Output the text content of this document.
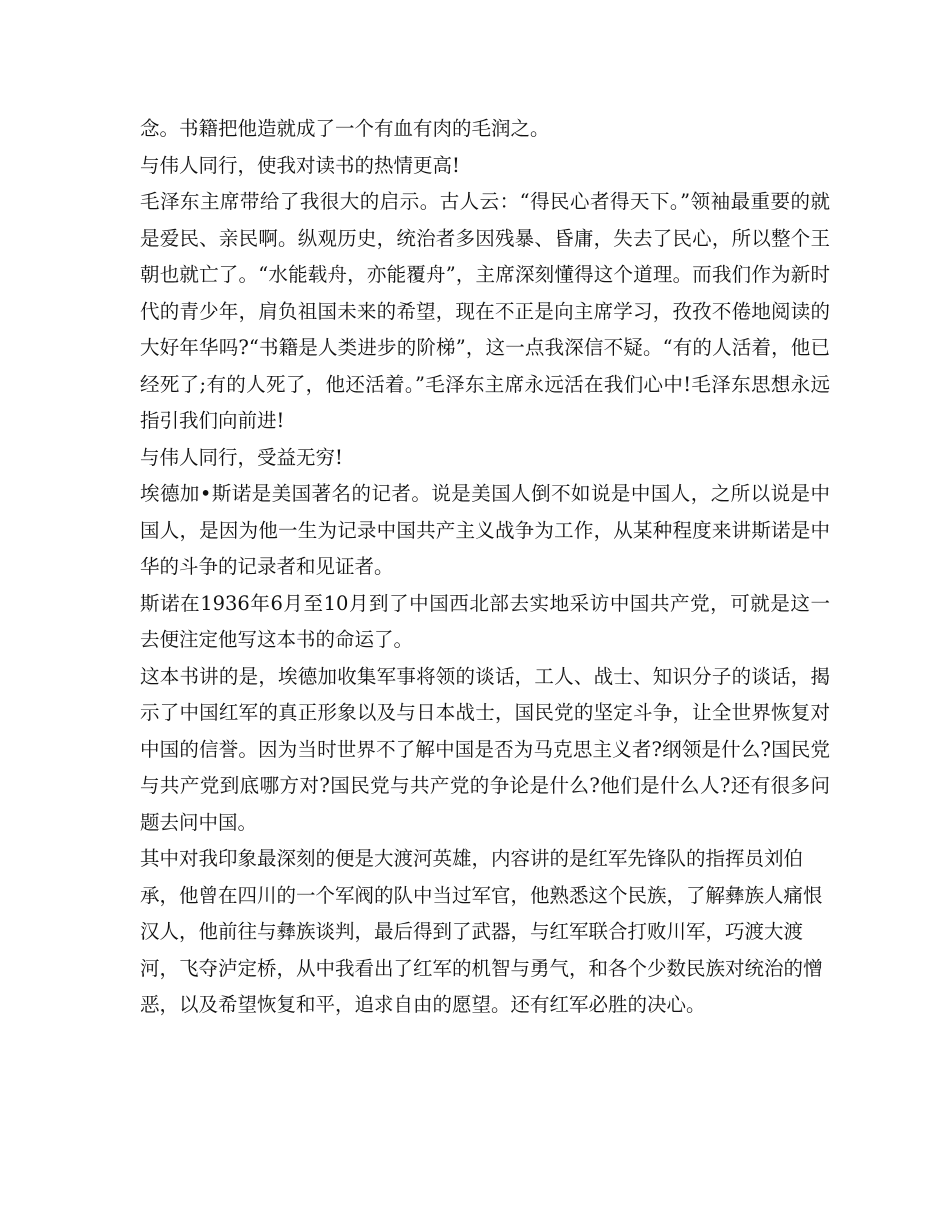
念。书籍把他造就成了一个有血有肉的毛润之。

与伟人同行，使我对读书的热情更高!

毛泽东主席带给了我很大的启示。古人云：“得民心者得天下。”领袖最重要的就是爱民、亲民啊。纵观历史，统治者多因残暴、昏庸，失去了民心，所以整个王朝也就亡了。“水能载舟，亦能覆舟”，主席深刻懂得这个道理。而我们作为新时代的青少年，肩负祖国未来的希望，现在不正是向主席学习，孜孜不倦地阅读的大好年华吗?“书籍是人类进步的阶梯”，这一点我深信不疑。“有的人活着，他已经死了;有的人死了，他还活着。”毛泽东主席永远活在我们心中!毛泽东思想永远指引我们向前进!

与伟人同行，受益无穷!

埃德加•斯诺是美国著名的记者。说是美国人倒不如说是中国人，之所以说是中国人，是因为他一生为记录中国共产主义战争为工作，从某种程度来讲斯诺是中华的斗争的记录者和见证者。

斯诺在1936年6月至10月到了中国西北部去实地采访中国共产党，可就是这一去便注定他写这本书的命运了。

这本书讲的是，埃德加收集军事将领的谈话，工人、战士、知识分子的谈话，揭示了中国红军的真正形象以及与日本战士，国民党的坚定斗争，让全世界恢复对中国的信誉。因为当时世界不了解中国是否为马克思主义者?纲领是什么?国民党与共产党到底哪方对?国民党与共产党的争论是什么?他们是什么人?还有很多问题去问中国。

其中对我印象最深刻的便是大渡河英雄，内容讲的是红军先锋队的指挥员刘伯承，他曾在四川的一个军阀的队中当过军官，他熟悉这个民族，了解彝族人痛恨汉人，他前往与彝族谈判，最后得到了武器，与红军联合打败川军，巧渡大渡河，飞夺泸定桥，从中我看出了红军的机智与勇气，和各个少数民族对统治的憎恶，以及希望恢复和平，追求自由的愿望。还有红军必胜的决心。
